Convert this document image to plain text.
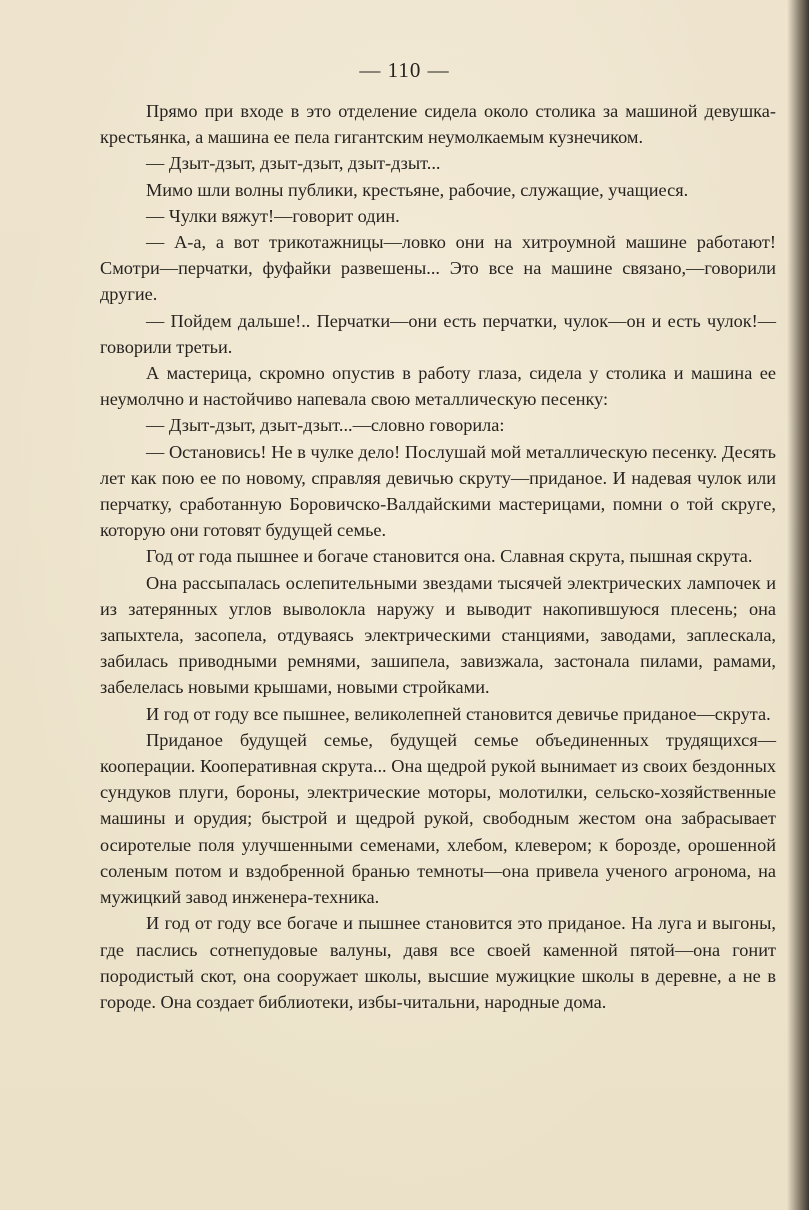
— 110 —

Прямо при входе в это отделение сидела около столика за машиной девушка-крестьянка, а машина ее пела гигантским неумолкаемым кузнечиком.

— Дзыт-дзыт, дзыт-дзыт, дзыт-дзыт...

Мимо шли волны публики, крестьяне, рабочие, служащие, учащиеся.

— Чулки вяжут!—говорит один.

— А-а, а вот трикотажницы—ловко они на хитроумной машине работают! Смотри—перчатки, фуфайки развешены... Это все на машине связано,—говорили другие.

— Пойдем дальше!.. Перчатки—они есть перчатки, чулок—он и есть чулок!—говорили третьи.

А мастерица, скромно опустив в работу глаза, сидела у столика и машина ее неумолчно и настойчиво напевала свою металлическую песенку:

— Дзыт-дзыт, дзыт-дзыт...—словно говорила:

— Остановись! Не в чулке дело! Послушай мой металлическую песенку. Десять лет как пою ее по новому, справляя девичью скруту—приданое. И надевая чулок или перчатку, сработанную Боровичско-Валдайскими мастерицами, помни о той скруге, которую они готовят будущей семье.

Год от года пышнее и богаче становится она. Славная скрута, пышная скрута.

Она рассыпалась ослепительными звездами тысячей электрических лампочек и из затерянных углов выволокла наружу и выводит накопившуюся плесень; она запыхтела, засопела, отдуваясь электрическими станциями, заводами, заплескала, забилась приводными ремнями, зашипела, завизжала, застонала пилами, рамами, забелелась новыми крышами, новыми стройками.

И год от году все пышнее, великолепней становится девичье приданое—скрута.

Приданое будущей семье, будущей семье объединенных трудящихся—кооперации. Кооперативная скрута... Она щедрой рукой вынимает из своих бездонных сундуков плуги, бороны, электрические моторы, молотилки, сельско-хозяйственные машины и орудия; быстрой и щедрой рукой, свободным жестом она забрасывает осиротелые поля улучшенными семенами, хлебом, клевером; к борозде, орошенной соленым потом и вздобренной бранью темноты—она привела ученого агронома, на мужицкий завод инженера-техника.

И год от году все богаче и пышнее становится это приданое. На луга и выгоны, где паслись сотнепудовые валуны, давя все своей каменной пятой—она гонит породистый скот, она сооружает школы, высшие мужицкие школы в деревне, а не в городе. Она создает библиотеки, избы-читальни, народные дома.
